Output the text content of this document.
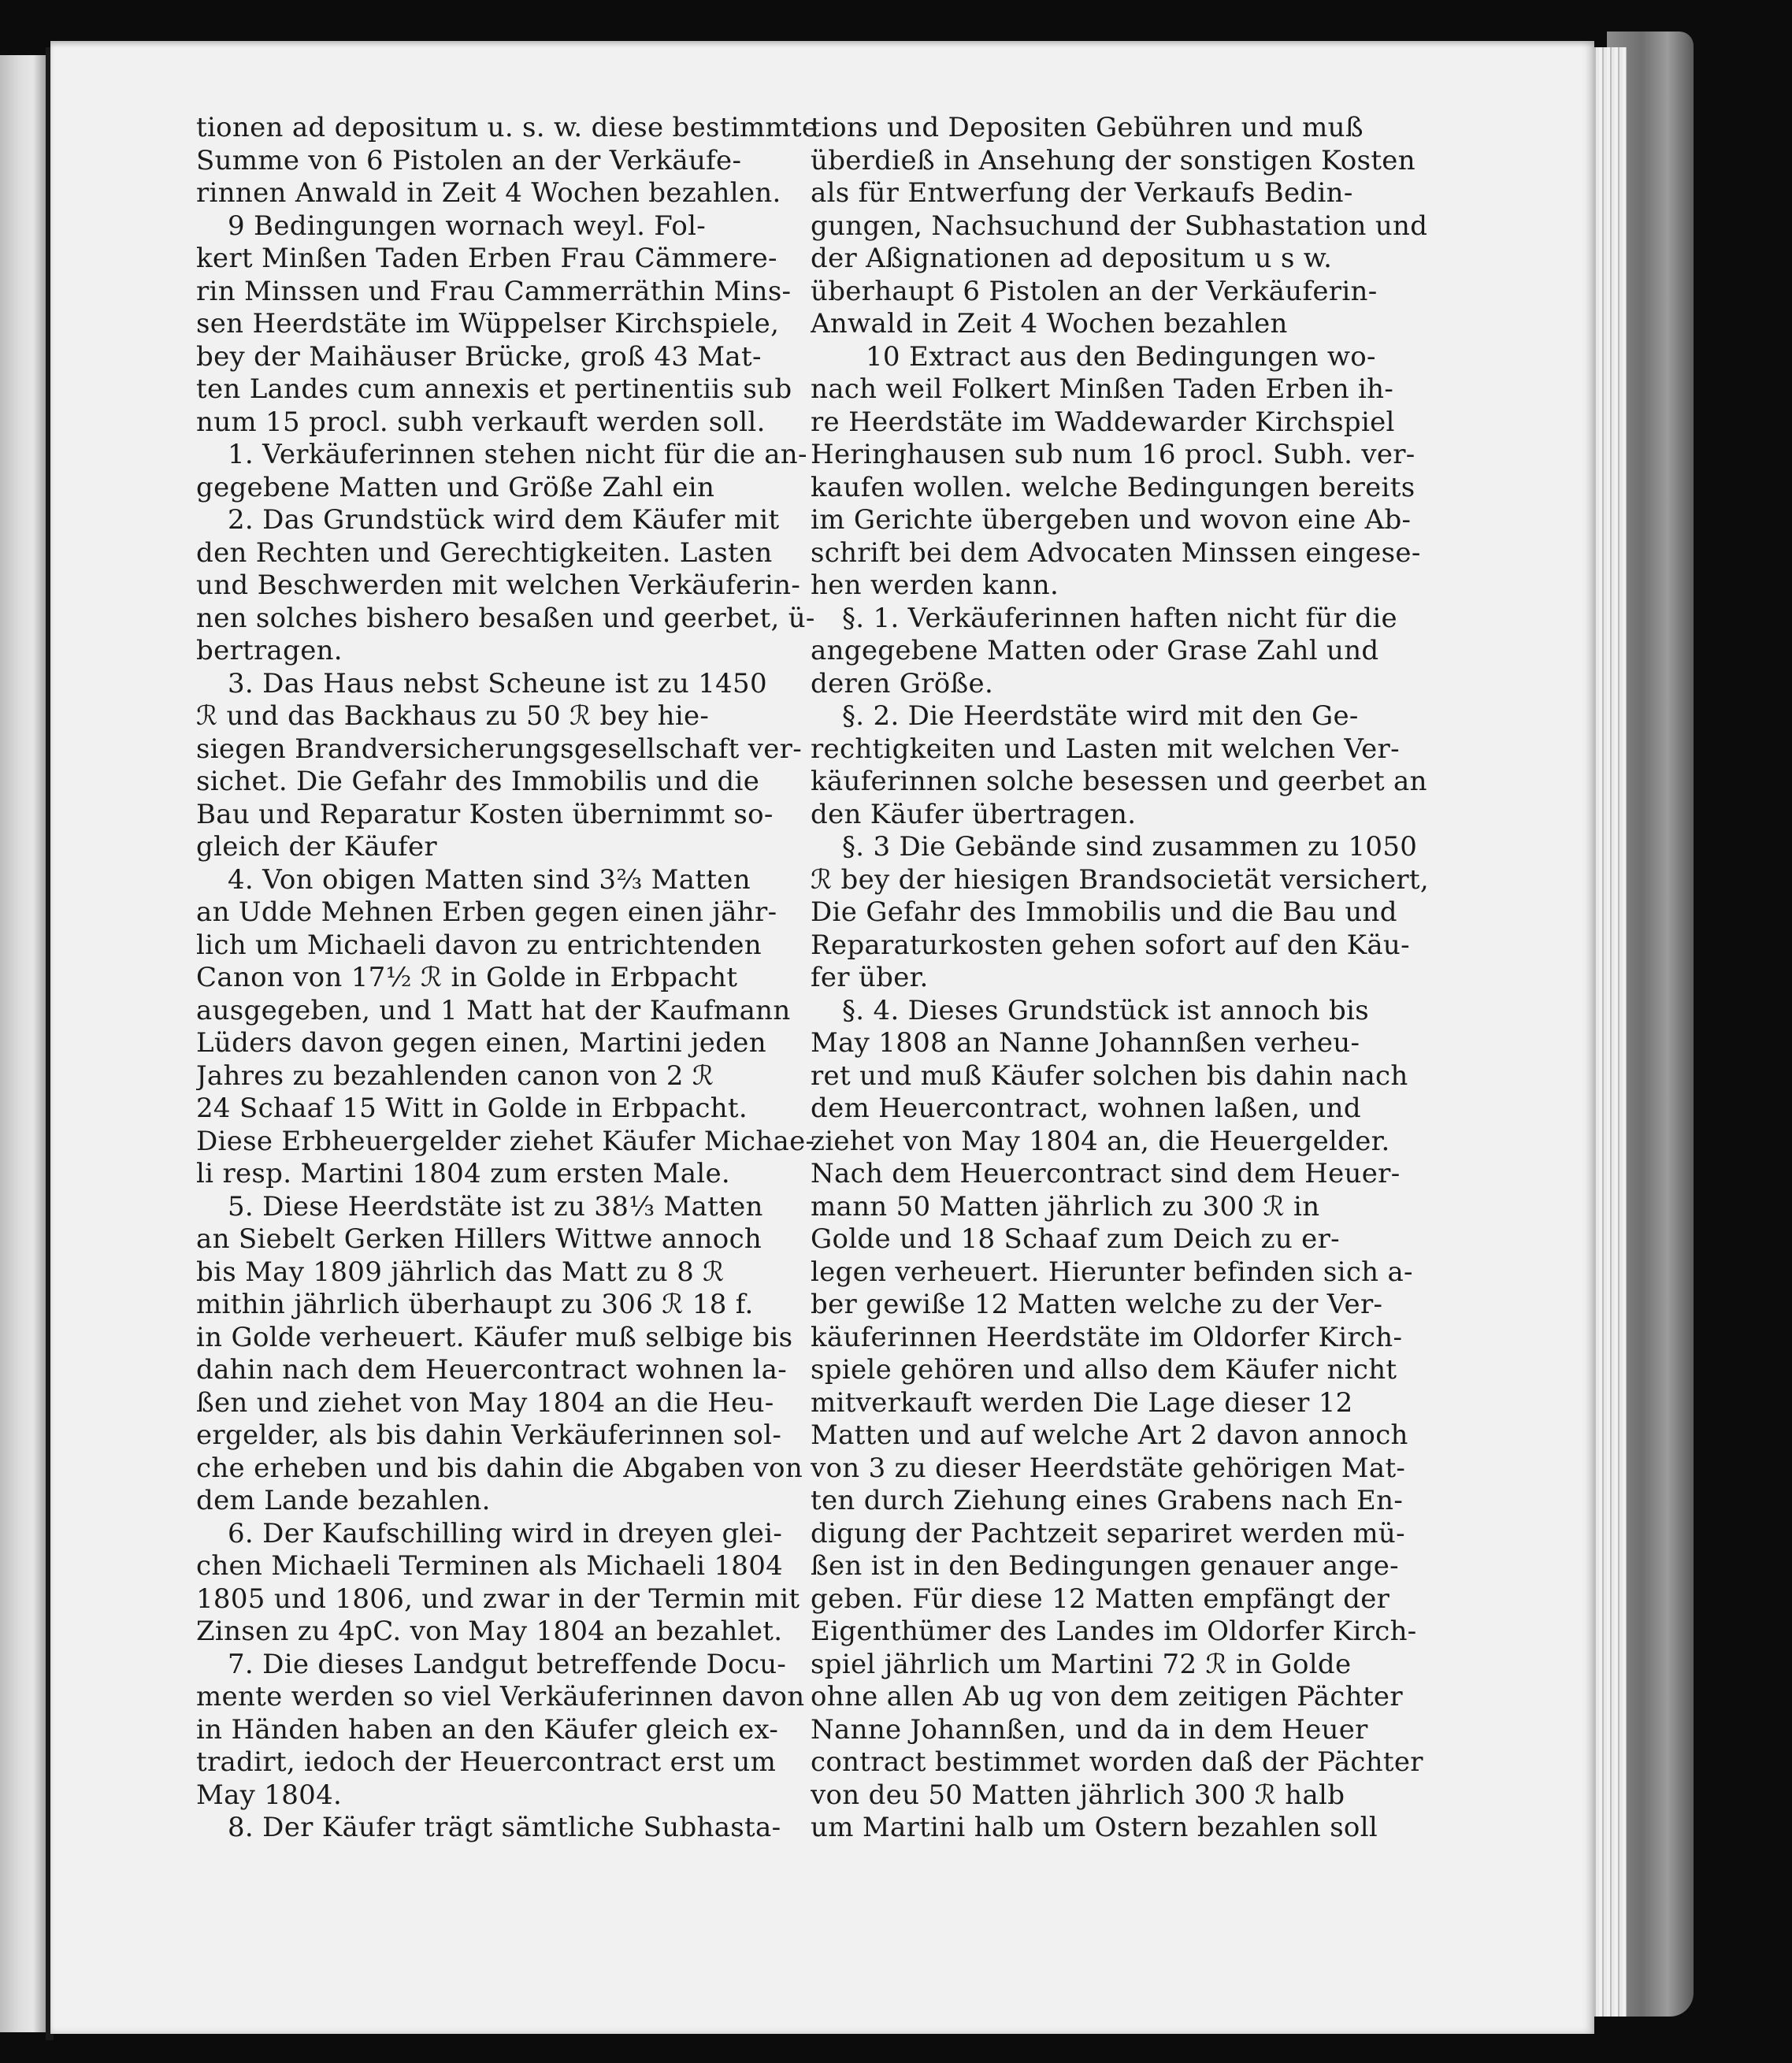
tionen ad depositum u. s. w. diese bestimmte
Summe von 6 Pistolen an der Verkäufe-
rinnen Anwald in Zeit 4 Wochen bezahlen.
9 Bedingungen wornach weyl. Fol-
kert Minßen Taden Erben Frau Cämmere-
rin Minssen und Frau Cammerräthin Mins-
sen Heerdstäte im Wüppelser Kirchspiele,
bey der Maihäuser Brücke, groß 43 Mat-
ten Landes cum annexis et pertinentiis sub
num 15 procl. subh verkauft werden soll.
1. Verkäuferinnen stehen nicht für die an-
gegebene Matten und Größe Zahl ein
2. Das Grundstück wird dem Käufer mit
den Rechten und Gerechtigkeiten. Lasten
und Beschwerden mit welchen Verkäuferin-
nen solches bishero besaßen und geerbet, ü-
bertragen.
3. Das Haus nebst Scheune ist zu 1450
ℛ und das Backhaus zu 50 ℛ bey hie-
siegen Brandversicherungsgesellschaft ver-
sichet. Die Gefahr des Immobilis und die
Bau und Reparatur Kosten übernimmt so-
gleich der Käufer
4. Von obigen Matten sind 3⅔ Matten
an Udde Mehnen Erben gegen einen jähr-
lich um Michaeli davon zu entrichtenden
Canon von 17½ ℛ in Golde in Erbpacht
ausgegeben, und 1 Matt hat der Kaufmann
Lüders davon gegen einen, Martini jeden
Jahres zu bezahlenden canon von 2 ℛ
24 Schaaf 15 Witt in Golde in Erbpacht.
Diese Erbheuergelder ziehet Käufer Michae-
li resp. Martini 1804 zum ersten Male.
5. Diese Heerdstäte ist zu 38⅓ Matten
an Siebelt Gerken Hillers Wittwe annoch
bis May 1809 jährlich das Matt zu 8 ℛ
mithin jährlich überhaupt zu 306 ℛ 18 f.
in Golde verheuert. Käufer muß selbige bis
dahin nach dem Heuercontract wohnen la-
ßen und ziehet von May 1804 an die Heu-
ergelder, als bis dahin Verkäuferinnen sol-
che erheben und bis dahin die Abgaben von
dem Lande bezahlen.
6. Der Kaufschilling wird in dreyen glei-
chen Michaeli Terminen als Michaeli 1804
1805 und 1806, und zwar in der Termin mit
Zinsen zu 4pC. von May 1804 an bezahlet.
7. Die dieses Landgut betreffende Docu-
mente werden so viel Verkäuferinnen davon
in Händen haben an den Käufer gleich ex-
tradirt, iedoch der Heuercontract erst um
May 1804.
8. Der Käufer trägt sämtliche Subhasta-
tions und Depositen Gebühren und muß
überdieß in Ansehung der sonstigen Kosten
als für Entwerfung der Verkaufs Bedin-
gungen, Nachsuchund der Subhastation und
der Aßignationen ad depositum u s w.
überhaupt 6 Pistolen an der Verkäuferin-
Anwald in Zeit 4 Wochen bezahlen
10 Extract aus den Bedingungen wo-
nach weil Folkert Minßen Taden Erben ih-
re Heerdstäte im Waddewarder Kirchspiel
Heringhausen sub num 16 procl. Subh. ver-
kaufen wollen. welche Bedingungen bereits
im Gerichte übergeben und wovon eine Ab-
schrift bei dem Advocaten Minssen eingese-
hen werden kann.
§. 1. Verkäuferinnen haften nicht für die
angegebene Matten oder Grase Zahl und
deren Größe.
§. 2. Die Heerdstäte wird mit den Ge-
rechtigkeiten und Lasten mit welchen Ver-
käuferinnen solche besessen und geerbet an
den Käufer übertragen.
§. 3 Die Gebände sind zusammen zu 1050
ℛ bey der hiesigen Brandsocietät versichert,
Die Gefahr des Immobilis und die Bau und
Reparaturkosten gehen sofort auf den Käu-
fer über.
§. 4. Dieses Grundstück ist annoch bis
May 1808 an Nanne Johannßen verheu-
ret und muß Käufer solchen bis dahin nach
dem Heuercontract, wohnen laßen, und
ziehet von May 1804 an, die Heuergelder.
Nach dem Heuercontract sind dem Heuer-
mann 50 Matten jährlich zu 300 ℛ in
Golde und 18 Schaaf zum Deich zu er-
legen verheuert. Hierunter befinden sich a-
ber gewiße 12 Matten welche zu der Ver-
käuferinnen Heerdstäte im Oldorfer Kirch-
spiele gehören und allso dem Käufer nicht
mitverkauft werden Die Lage dieser 12
Matten und auf welche Art 2 davon annoch
von 3 zu dieser Heerdstäte gehörigen Mat-
ten durch Ziehung eines Grabens nach En-
digung der Pachtzeit separiret werden mü-
ßen ist in den Bedingungen genauer ange-
geben. Für diese 12 Matten empfängt der
Eigenthümer des Landes im Oldorfer Kirch-
spiel jährlich um Martini 72 ℛ in Golde
ohne allen Ab ug von dem zeitigen Pächter
Nanne Johannßen, und da in dem Heuer
contract bestimmet worden daß der Pächter
von deu 50 Matten jährlich 300 ℛ halb
um Martini halb um Ostern bezahlen soll
